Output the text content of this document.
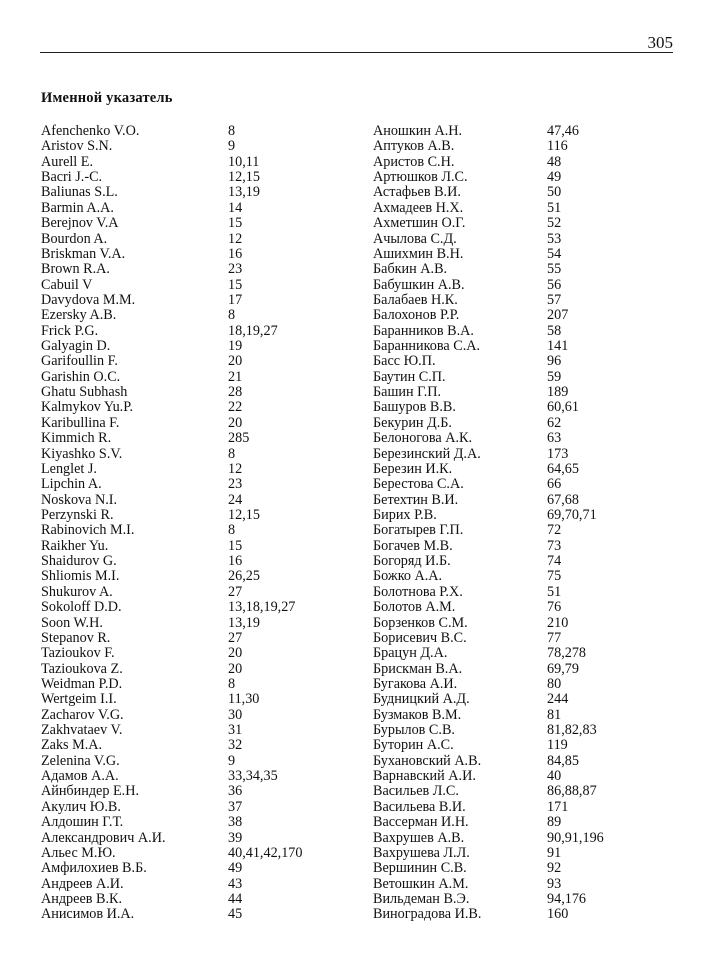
305
Именной указатель
Afenchenko V.O.	8
Aristov S.N.	9
Aurell E.	10,11
Bacri J.-C.	12,15
Baliunas S.L.	13,19
Barmin A.A.	14
Berejnov V.A	15
Bourdon A.	12
Briskman V.A.	16
Brown R.A.	23
Cabuil V	15
Davydova M.M.	17
Ezersky A.B.	8
Frick P.G.	18,19,27
Galyagin D.	19
Garifoullin F.	20
Garishin O.C.	21
Ghatu Subhash	28
Kalmykov Yu.P.	22
Karibullina F.	20
Kimmich R.	285
Kiyashko S.V.	8
Lenglet J.	12
Lipchin A.	23
Noskova N.I.	24
Perzynski R.	12,15
Rabinovich M.I.	8
Raikher Yu.	15
Shaidurov G.	16
Shliomis M.I.	26,25
Shukurov A.	27
Sokoloff D.D.	13,18,19,27
Soon W.H.	13,19
Stepanov R.	27
Tazioukov F.	20
Tazioukova Z.	20
Weidman P.D.	8
Wertgeim I.I.	11,30
Zacharov V.G.	30
Zakhvataev V.	31
Zaks M.A.	32
Zelenina V.G.	9
Адамов А.А.	33,34,35
Айнбиндер Е.Н.	36
Акулич Ю.В.	37
Алдошин Г.Т.	38
Александрович А.И.	39
Альес М.Ю.	40,41,42,170
Амфилохиев В.Б.	49
Андреев А.И.	43
Андреев В.К.	44
Анисимов И.А.	45
Аношкин А.Н.	47,46
Аптуков А.В.	116
Аристов С.Н.	48
Артюшков Л.С.	49
Астафьев В.И.	50
Ахмадеев Н.Х.	51
Ахметшин О.Г.	52
Ачылова С.Д.	53
Ашихмин В.Н.	54
Бабкин А.В.	55
Бабушкин А.В.	56
Балабаев Н.К.	57
Балохонов Р.Р.	207
Баранников В.А.	58
Баранникова С.А.	141
Басс Ю.П.	96
Баутин С.П.	59
Башин Г.П.	189
Башуров В.В.	60,61
Бекурин Д.Б.	62
Белоногова А.К.	63
Березинский Д.А.	173
Березин И.К.	64,65
Берестова С.А.	66
Бетехтин В.И.	67,68
Бирих Р.В.	69,70,71
Богатырев Г.П.	72
Богачев М.В.	73
Богоряд И.Б.	74
Божко А.А.	75
Болотнова Р.Х.	51
Болотов А.М.	76
Борзенков С.М.	210
Борисевич В.С.	77
Брацун Д.А.	78,278
Брискман В.А.	69,79
Бугакова А.И.	80
Будницкий А.Д.	244
Бузмаков В.М.	81
Бурылов С.В.	81,82,83
Буторин А.С.	119
Бухановский А.В.	84,85
Варнавский А.И.	40
Васильев Л.С.	86,88,87
Васильева В.И.	171
Вассерман И.Н.	89
Вахрушев А.В.	90,91,196
Вахрушева Л.Л.	91
Вершинин С.В.	92
Ветошкин А.М.	93
Вильдеман В.Э.	94,176
Виноградова И.В.	160
